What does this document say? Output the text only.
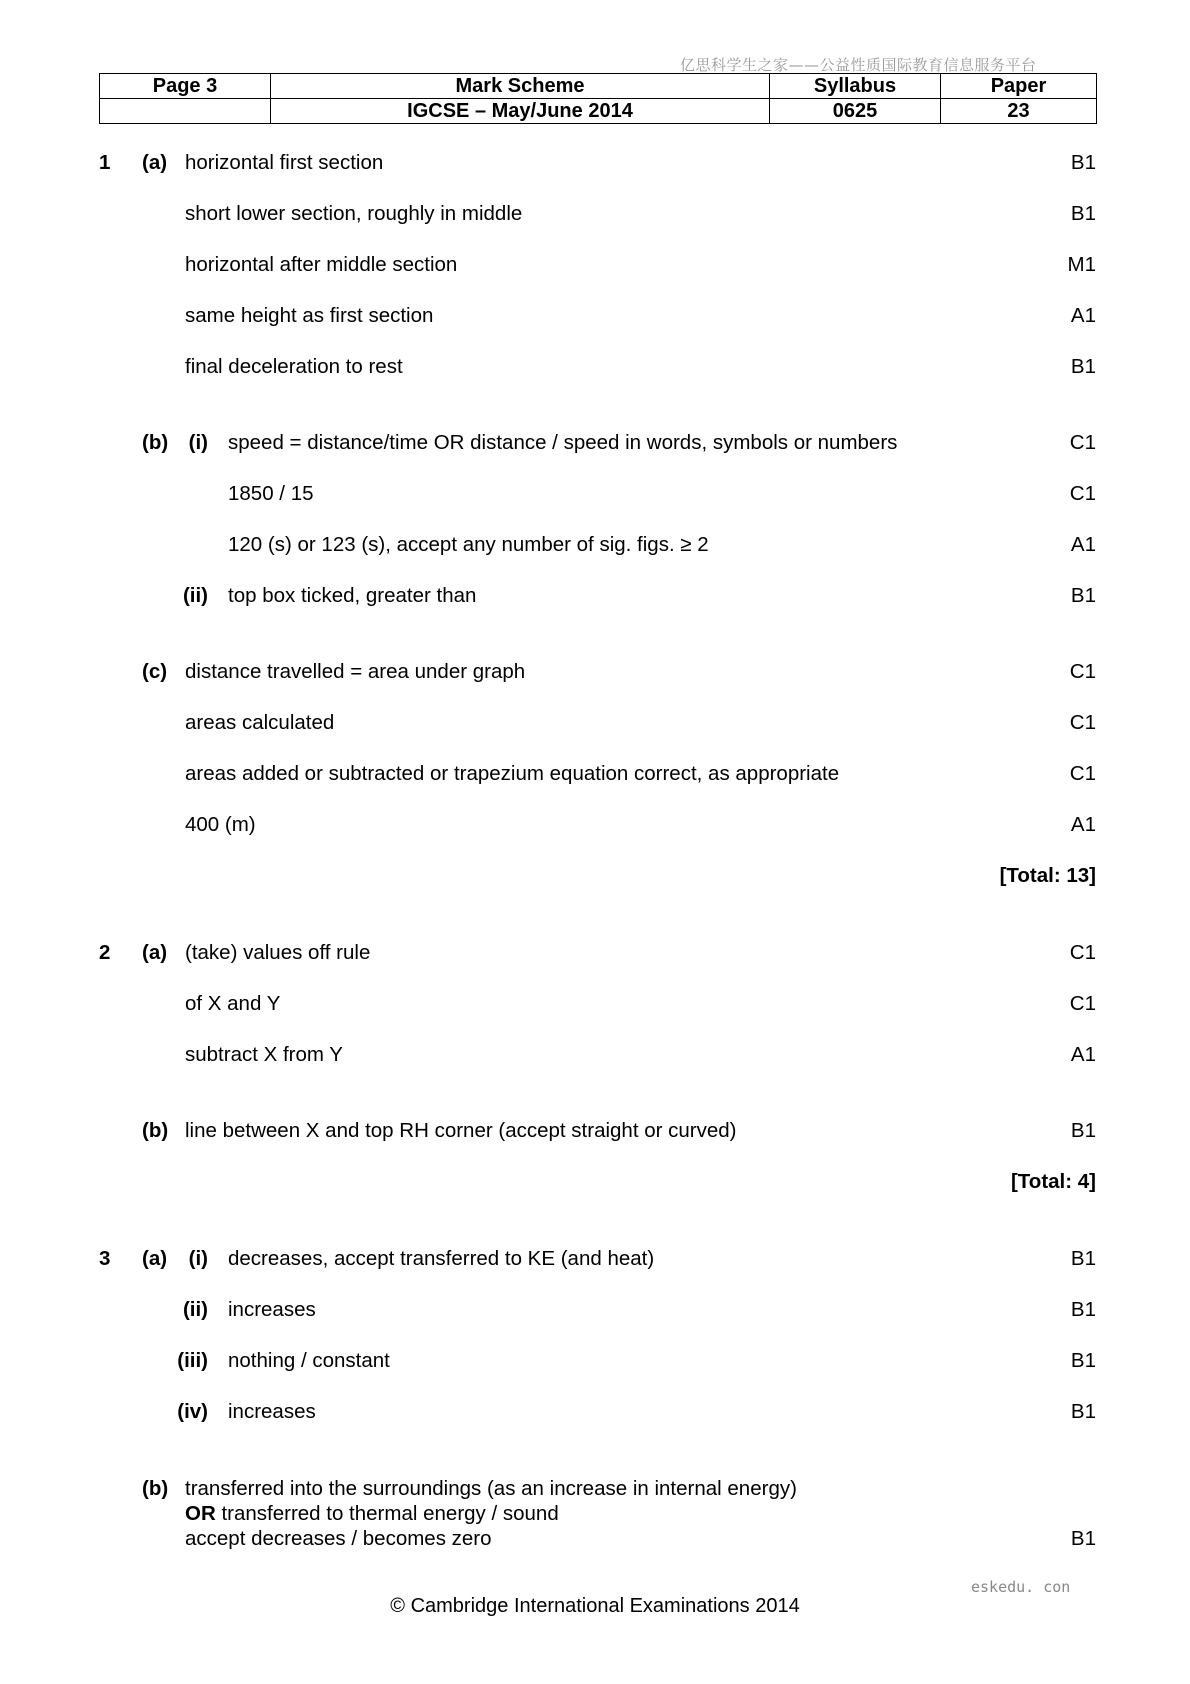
亿思科学生之家——公益性质国际教育信息服务平台
Page 3	Mark Scheme	Syllabus	Paper
	IGCSE – May/June 2014	0625	23
1 (a) horizontal first section	B1
short lower section, roughly in middle	B1
horizontal after middle section	M1
same height as first section	A1
final deceleration to rest	B1
(b) (i) speed = distance/time OR distance / speed in words, symbols or numbers	C1
1850 / 15	C1
120 (s) or 123 (s), accept any number of sig. figs. ≥ 2	A1
(ii) top box ticked, greater than	B1
(c) distance travelled = area under graph	C1
areas calculated	C1
areas added or subtracted or trapezium equation correct, as appropriate	C1
400 (m)	A1
[Total: 13]
2 (a) (take) values off rule	C1
of X and Y	C1
subtract X from Y	A1
(b) line between X and top RH corner (accept straight or curved)	B1
[Total: 4]
3 (a)	(i) decreases, accept transferred to KE (and heat)	B1
(ii) increases	B1
(iii) nothing / constant	B1
(iv) increases	B1
(b) transferred into the surroundings (as an increase in internal energy)
OR transferred to thermal energy / sound
accept decreases / becomes zero	B1
eskedu. con
© Cambridge International Examinations 2014
